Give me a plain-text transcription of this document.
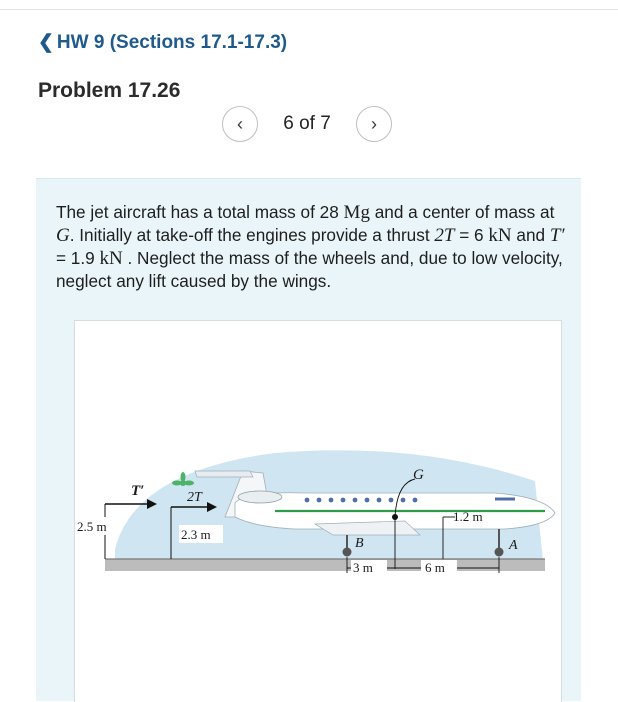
❮ HW 9 (Sections 17.1-17.3)
Problem 17.26
‹	6 of 7	›
The jet aircraft has a total mass of 28 Mg and a center of mass at G. Initially at take-off the engines provide a thrust 2T = 6 kN and T′ = 1.9 kN . Neglect the mass of the wheels and, due to low velocity, neglect any lift caused by the wings.
T′	2T
2.5 m
2.3 m
G
1.2 m
B	A
3 m	6 m
